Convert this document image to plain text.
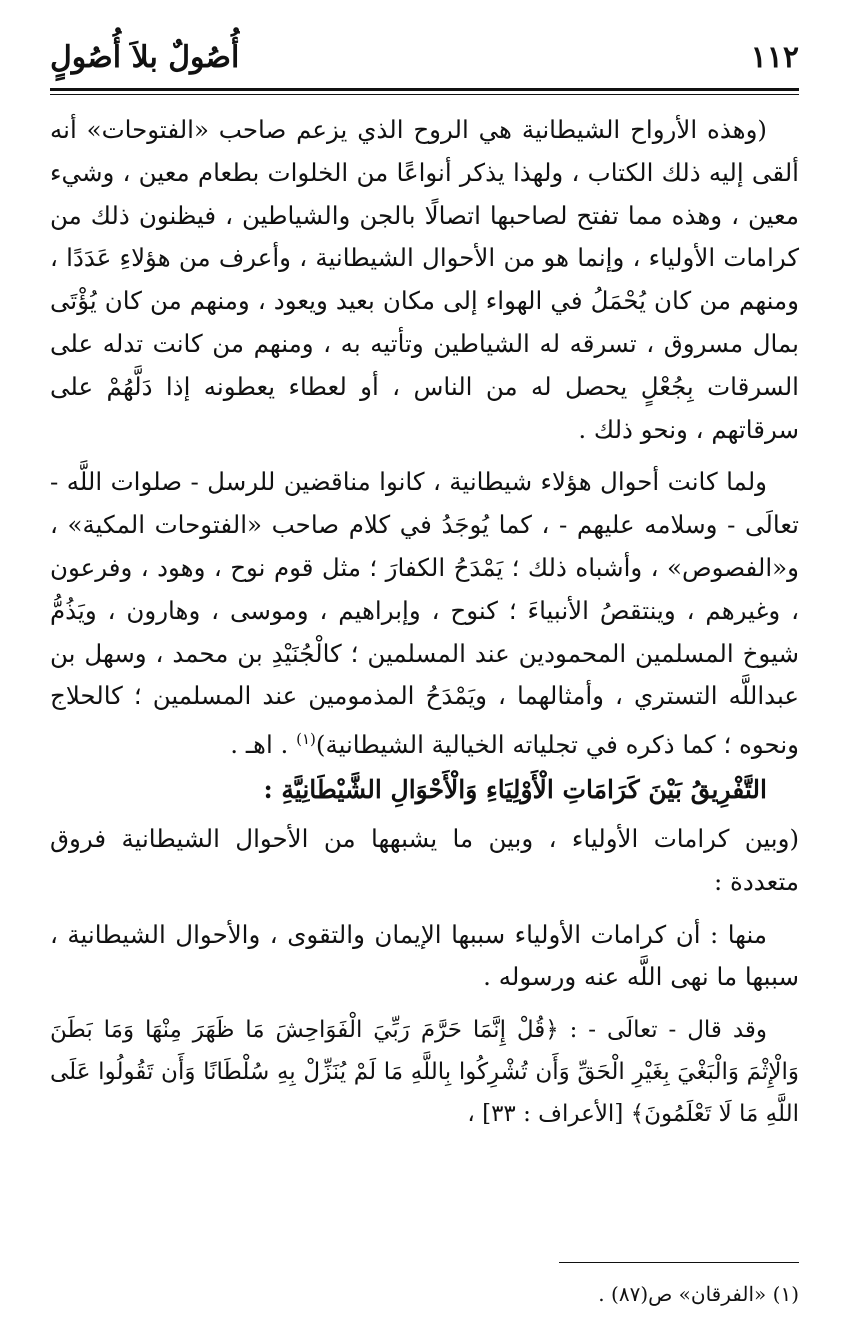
١١٢
أُصُولٌ بلاَ أُصُولٍ

(وهذه الأرواح الشيطانية هي الروح الذي يزعم صاحب «الفتوحات» أنه ألقى إليه ذلك الكتاب ، ولهذا يذكر أنواعًا من الخلوات بطعام معين ، وشيء معين ، وهذه مما تفتح لصاحبها اتصالًا بالجن والشياطين ، فيظنون ذلك من كرامات الأولياء ، وإنما هو من الأحوال الشيطانية ، وأعرف من هؤلاءِ عَدَدًا ، ومنهم من كان يُحْمَلُ في الهواء إلى مكان بعيد ويعود ، ومنهم من كان يُؤْتَى بمال مسروق ، تسرقه له الشياطين وتأتيه به ، ومنهم من كانت تدله على السرقات بِجُعْلٍ يحصل له من الناس ، أو لعطاء يعطونه إذا دَلَّهُمْ على سرقاتهم ، ونحو ذلك .

ولما كانت أحوال هؤلاء شيطانية ، كانوا مناقضين للرسل - صلوات اللَّه - تعالَى - وسلامه عليهم - ، كما يُوجَدُ في كلام صاحب «الفتوحات المكية» ، و«الفصوص» ، وأشباه ذلك ؛ يَمْدَحُ الكفارَ ؛ مثل قوم نوح ، وهود ، وفرعون ، وغيرهم ، وينتقصُ الأنبياءَ ؛ كنوح ، وإبراهيم ، وموسى ، وهارون ، ويَذُمُّ شيوخ المسلمين المحمودين عند المسلمين ؛ كالْجُنَيْدِ بن محمد ، وسهل بن عبداللَّه التستري ، وأمثالهما ، ويَمْدَحُ المذمومين عند المسلمين ؛ كالحلاج ونحوه ؛ كما ذكره في تجلياته الخيالية الشيطانية)$^{(١)}$ . اهـ .

التَّفْرِيقُ بَيْنَ كَرَامَاتِ الْأَوْلِيَاءِ وَالْأَحْوَالِ الشَّيْطَانِيَّةِ :

(وبين كرامات الأولياء ، وبين ما يشبهها من الأحوال الشيطانية فروق متعددة :

منها : أن كرامات الأولياء سببها الإيمان والتقوى ، والأحوال الشيطانية ، سببها ما نهى اللَّه عنه ورسوله .

وقد قال - تعالَى - : ﴿قُلْ إِنَّمَا حَرَّمَ رَبِّيَ الْفَوَاحِشَ مَا ظَهَرَ مِنْهَا وَمَا بَطَنَ وَالْإِثْمَ وَالْبَغْيَ بِغَيْرِ الْحَقِّ وَأَن تُشْرِكُوا بِاللَّهِ مَا لَمْ يُنَزِّلْ بِهِ سُلْطَانًا وَأَن تَقُولُوا عَلَى اللَّهِ مَا لَا تَعْلَمُونَ﴾ [الأعراف : ٣٣] ،

(١) «الفرقان» ص(٨٧) .
